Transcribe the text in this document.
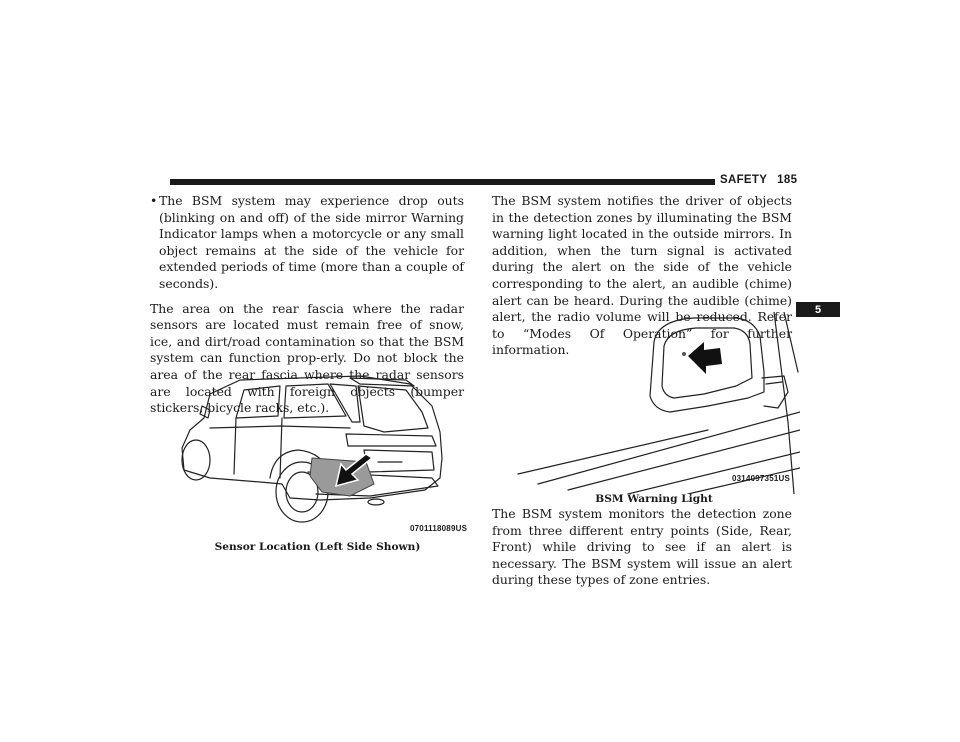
SAFETY 185
5
• The BSM system may experience drop outs (blinking on and off) of the side mirror Warning Indicator lamps when a motorcycle or any small object remains at the side of the vehicle for extended periods of time (more than a couple of seconds).

The area on the rear fascia where the radar sensors are located must remain free of snow, ice, and dirt/road contamination so that the BSM system can function prop-erly. Do not block the area of the rear fascia where the radar sensors are located with foreign objects (bumper stickers, bicycle racks, etc.).

0701118089US
Sensor Location (Left Side Shown)

The BSM system notifies the driver of objects in the detection zones by illuminating the BSM warning light located in the outside mirrors. In addition, when the turn signal is activated during the alert on the side of the vehicle corresponding to the alert, an audible (chime) alert can be heard. During the audible (chime) alert, the radio volume will be reduced. Refer to “Modes Of Operation” for further information.

0314097351US
BSM Warning Light

The BSM system monitors the detection zone from three different entry points (Side, Rear, Front) while driving to see if an alert is necessary. The BSM system will issue an alert during these types of zone entries.
